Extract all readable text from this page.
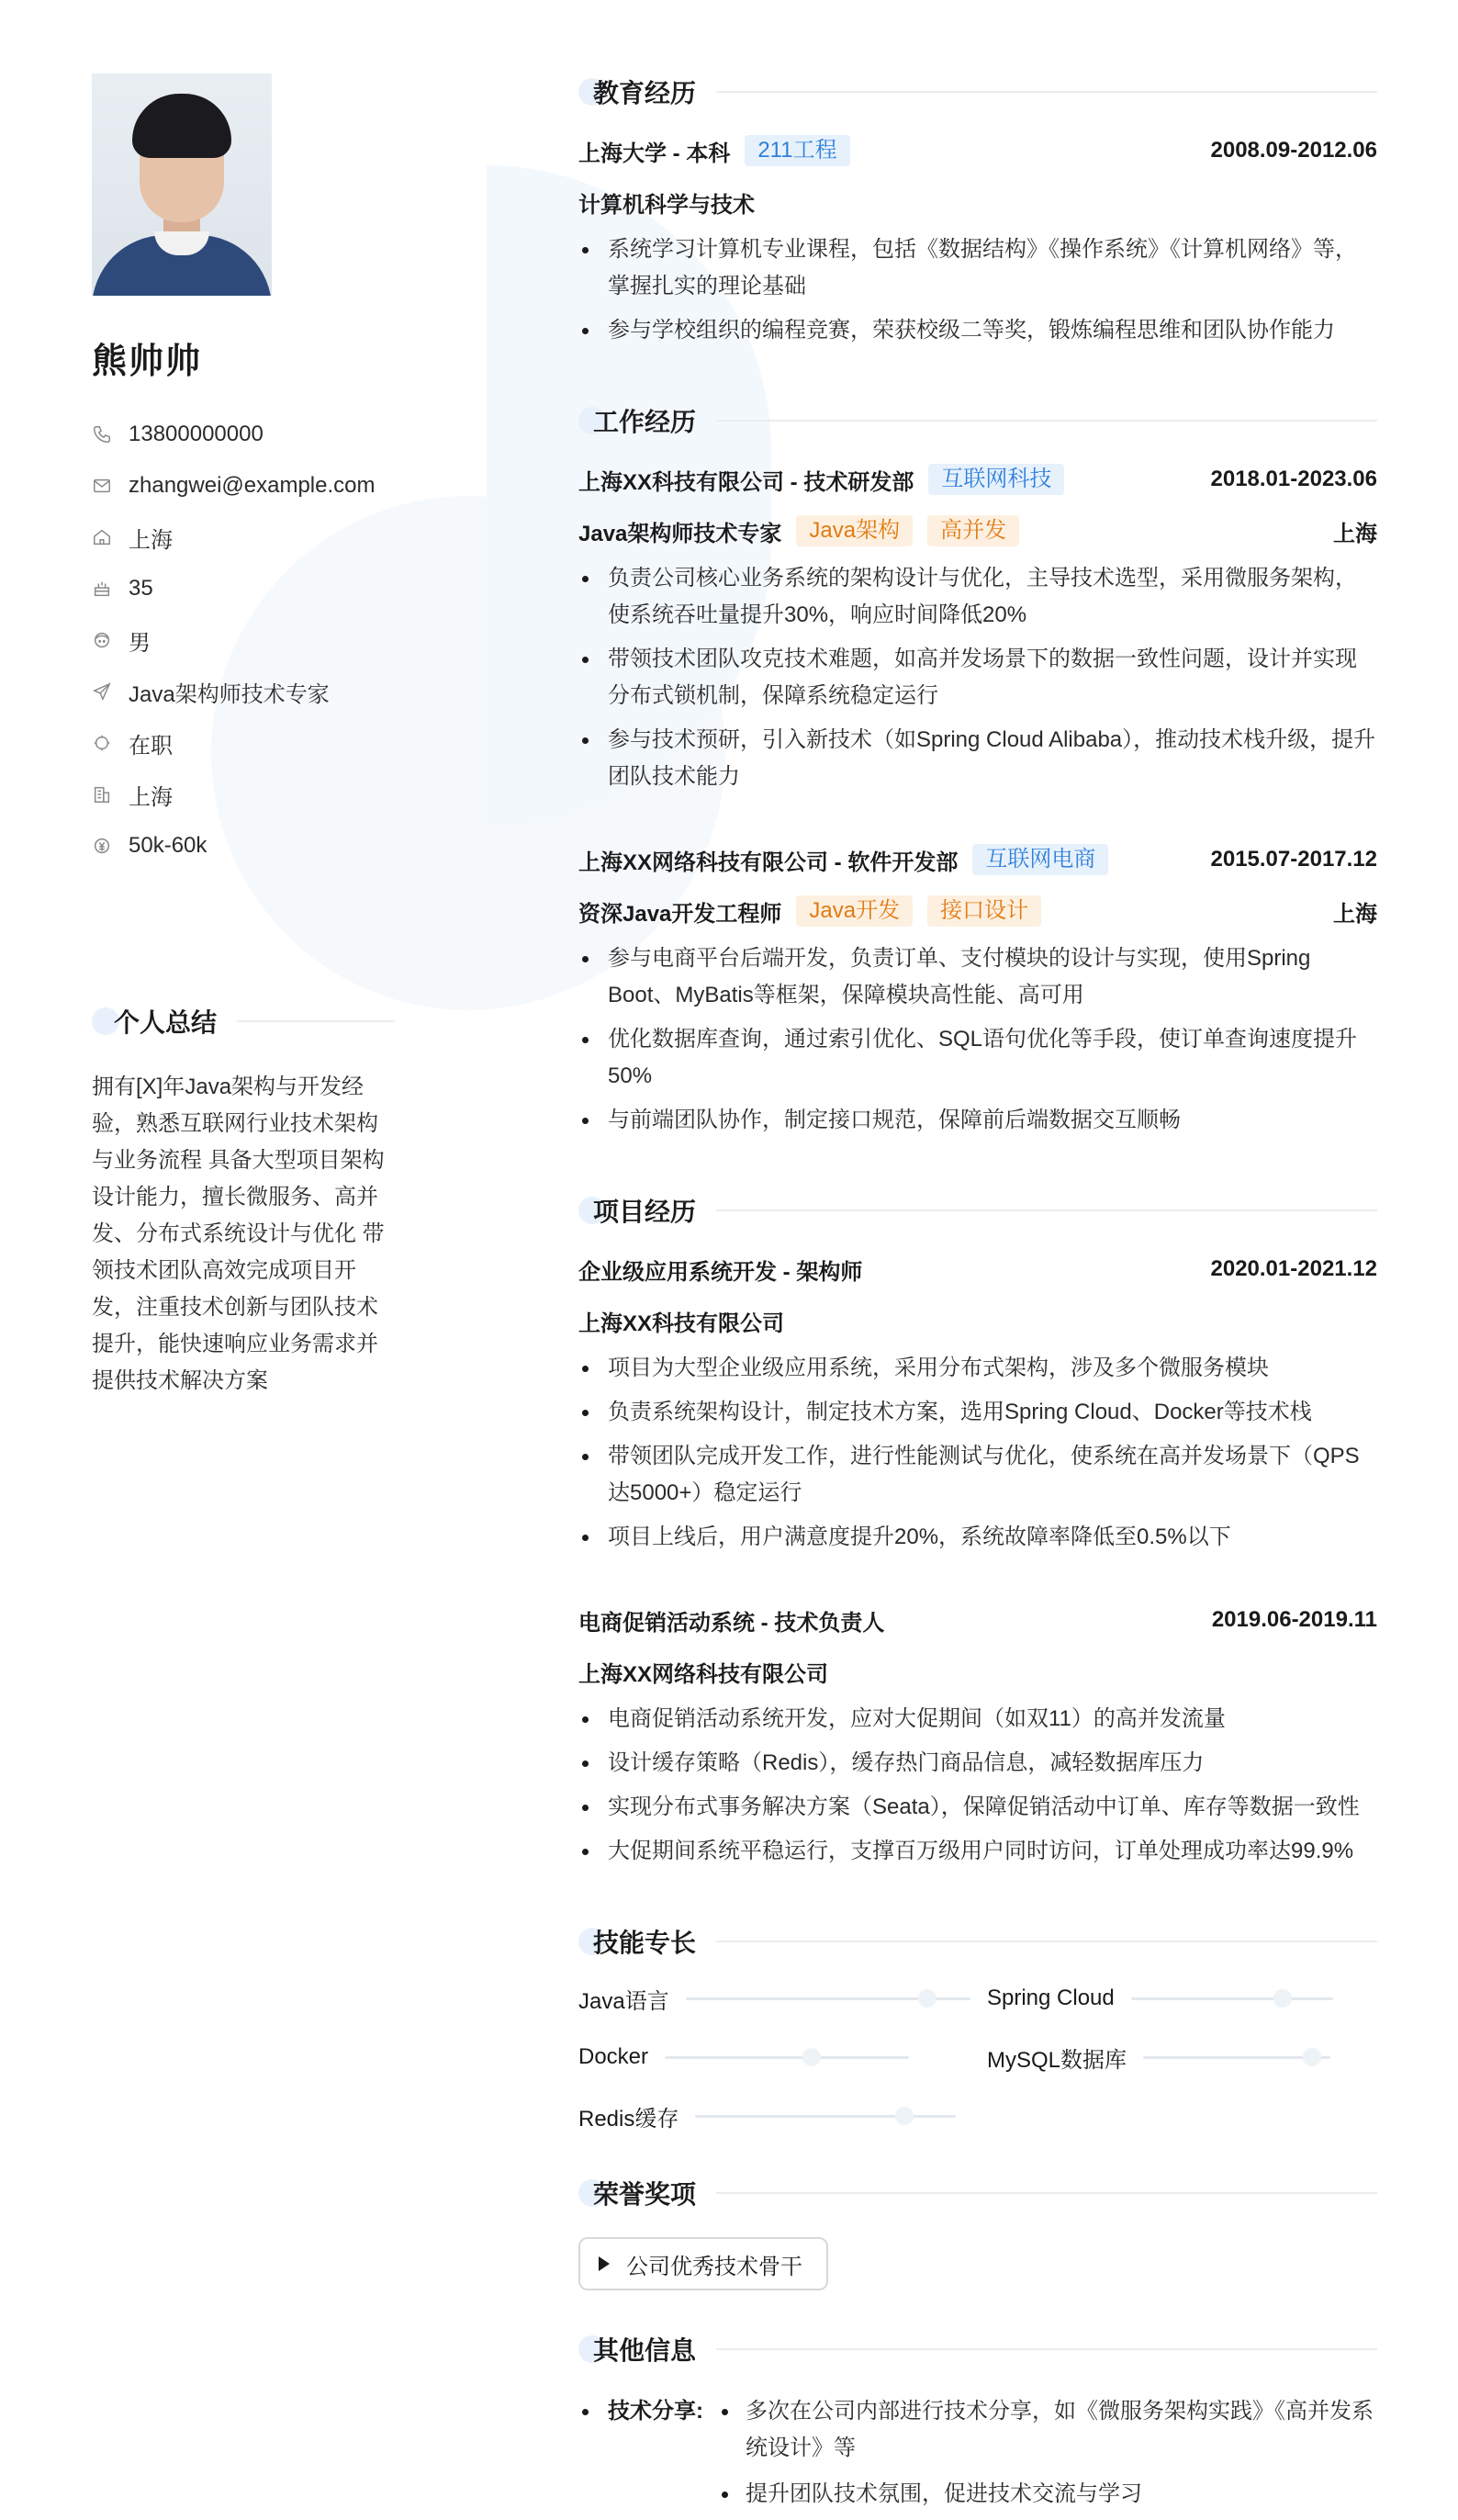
熊帅帅
13800000000
zhangwei@example.com
上海
35
男
Java架构师技术专家
在职
上海
50k-60k
个人总结
拥有[X]年Java架构与开发经验，熟悉互联网行业技术架构与业务流程 具备大型项目架构设计能力，擅长微服务、高并发、分布式系统设计与优化 带领技术团队高效完成项目开发，注重技术创新与团队技术提升，能快速响应业务需求并提供技术解决方案
教育经历
上海大学 - 本科	211工程	2008.09-2012.06
计算机科学与技术
系统学习计算机专业课程，包括《数据结构》《操作系统》《计算机网络》等，掌握扎实的理论基础
参与学校组织的编程竞赛，荣获校级二等奖，锻炼编程思维和团队协作能力
工作经历
上海XX科技有限公司 - 技术研发部	互联网科技	2018.01-2023.06
Java架构师技术专家	Java架构	高并发	上海
负责公司核心业务系统的架构设计与优化，主导技术选型，采用微服务架构，使系统吞吐量提升30%，响应时间降低20%
带领技术团队攻克技术难题，如高并发场景下的数据一致性问题，设计并实现分布式锁机制，保障系统稳定运行
参与技术预研，引入新技术（如Spring Cloud Alibaba），推动技术栈升级，提升团队技术能力
上海XX网络科技有限公司 - 软件开发部	互联网电商	2015.07-2017.12
资深Java开发工程师	Java开发	接口设计	上海
参与电商平台后端开发，负责订单、支付模块的设计与实现，使用Spring Boot、MyBatis等框架，保障模块高性能、高可用
优化数据库查询，通过索引优化、SQL语句优化等手段，使订单查询速度提升50%
与前端团队协作，制定接口规范，保障前后端数据交互顺畅
项目经历
企业级应用系统开发 - 架构师	2020.01-2021.12
上海XX科技有限公司
项目为大型企业级应用系统，采用分布式架构，涉及多个微服务模块
负责系统架构设计，制定技术方案，选用Spring Cloud、Docker等技术栈
带领团队完成开发工作，进行性能测试与优化，使系统在高并发场景下（QPS达5000+）稳定运行
项目上线后，用户满意度提升20%，系统故障率降低至0.5%以下
电商促销活动系统 - 技术负责人	2019.06-2019.11
上海XX网络科技有限公司
电商促销活动系统开发，应对大促期间（如双11）的高并发流量
设计缓存策略（Redis），缓存热门商品信息，减轻数据库压力
实现分布式事务解决方案（Seata），保障促销活动中订单、库存等数据一致性
大促期间系统平稳运行，支撑百万级用户同时访问，订单处理成功率达99.9%
技能专长
Java语言	Spring Cloud
Docker	MySQL数据库
Redis缓存
荣誉奖项
公司优秀技术骨干
其他信息
技术分享:	多次在公司内部进行技术分享，如《微服务架构实践》《高并发系统设计》等
提升团队技术氛围，促进技术交流与学习
